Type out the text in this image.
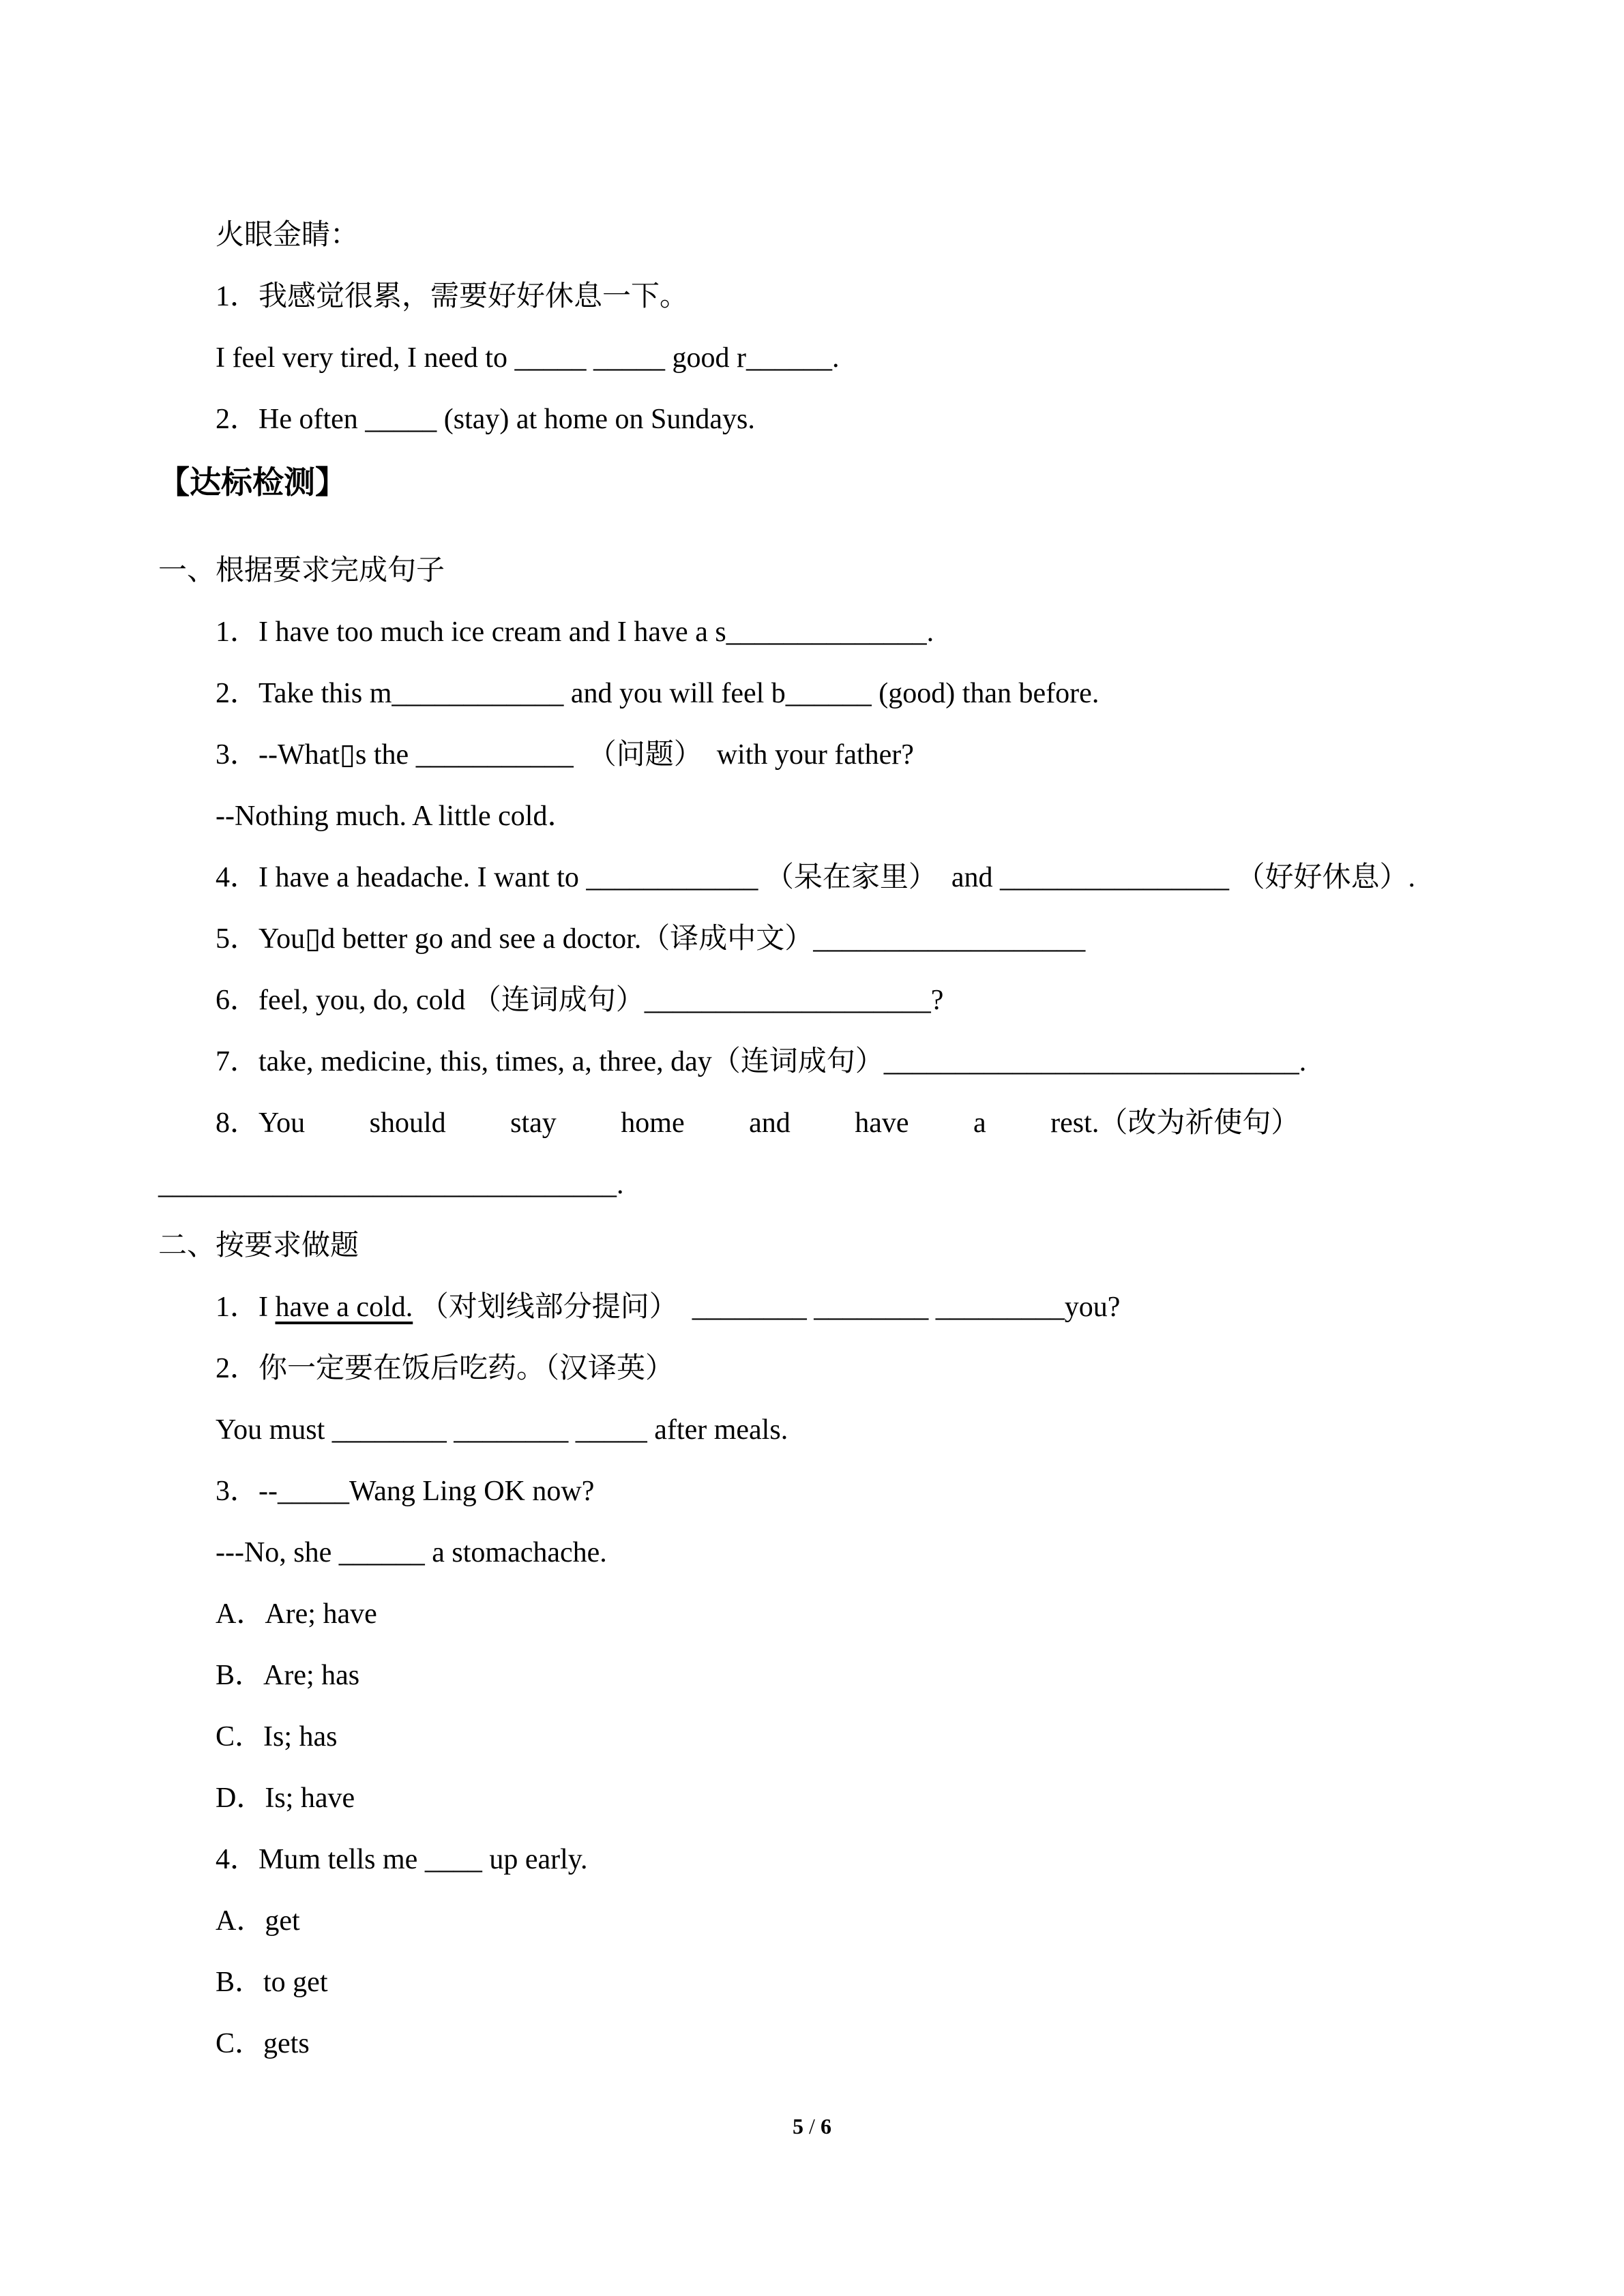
火眼金睛：

1．我感觉很累，需要好好休息一下。

I feel very tired, I need to _____ _____ good r______.

2．He often _____ (stay) at home on Sundays.

【达标检测】

一、根据要求完成句子

1．I have too much ice cream and I have a s______________.

2．Take this m____________ and you will feel b______ (good) than before.

3．--What▯s the ___________  （问题）  with your father?

--Nothing much. A little cold．

4．I have a headache. I want to ____________ （呆在家里）  and ________________ （好好休息）.

5．You▯d better go and see a doctor.（译成中文）___________________

6．feel, you, do, cold （连词成句）____________________?

7．take, medicine, this, times, a, three, day（连词成句）_____________________________.

8．You         should         stay         home         and         have         a         rest.（改为祈使句）

________________________________.

二、按要求做题

1．I have a cold. （对划线部分提问）  ________ ________ _________you?

2．你一定要在饭后吃药。（汉译英）

You must ________ ________ _____ after meals.

3．--_____Wang Ling OK now?

---No, she ______ a stomachache.

A．Are; have

B．Are; has

C．Is; has

D．Is; have

4．Mum tells me ____ up early.

A．get

B．to get

C．gets

5 / 6
